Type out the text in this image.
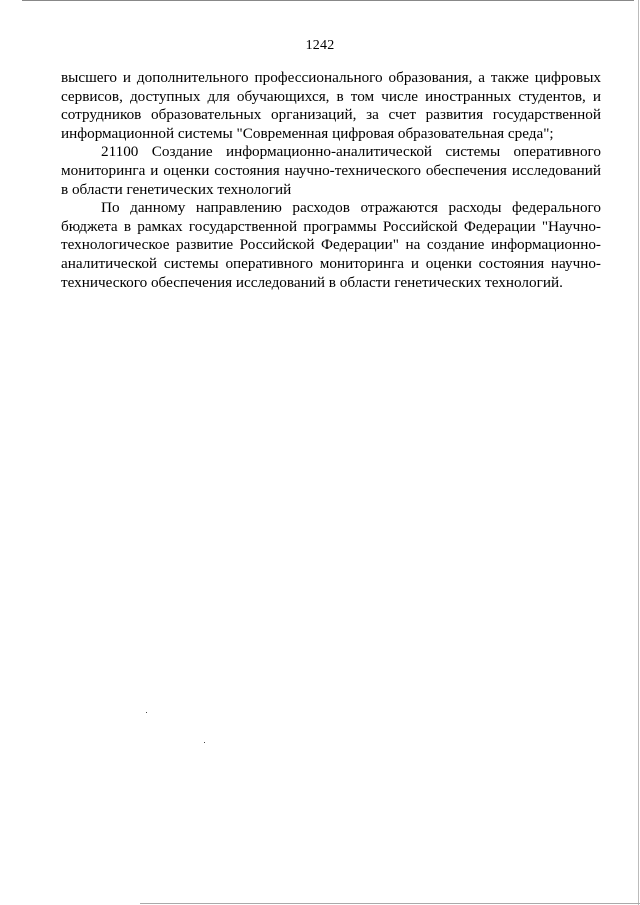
1242

высшего и дополнительного профессионального образования, а также цифровых сервисов, доступных для обучающихся, в том числе иностранных студентов, и сотрудников образовательных организаций, за счет развития государственной информационной системы "Современная цифровая образовательная среда";

21100 Создание информационно-аналитической системы оперативного мониторинга и оценки состояния научно-технического обеспечения исследований в области генетических технологий

По данному направлению расходов отражаются расходы федерального бюджета в рамках государственной программы Российской Федерации "Научно-технологическое развитие Российской Федерации" на создание информационно-аналитической системы оперативного мониторинга и оценки состояния научно-технического обеспечения исследований в области генетических технологий.
